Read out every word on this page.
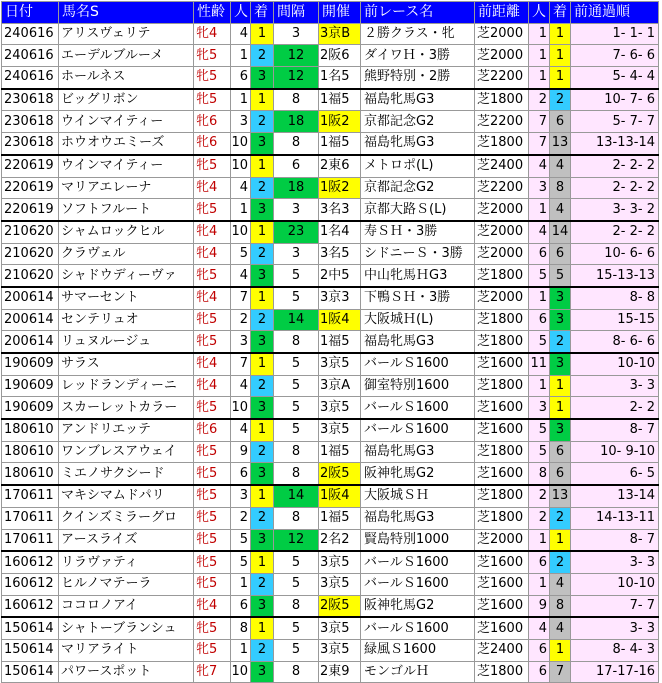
日付	馬名S	性齢	人	着	間隔	開催	前レース名	前距離	人	着	前通過順
240616	アリスヴェリテ	牝4	4	1	3	3京B	２勝クラス・牝	芝2000	1	1	1- 1- 1
240616	エーデルブルーメ	牝5	1	2	12	2阪6	ダイワＨ・3勝	芝2000	1	1	7- 6- 6
240616	ホールネス	牝5	6	3	12	1名5	熊野特別・2勝	芝2200	1	1	5- 4- 4
230618	ビッグリボン	牝5	1	1	8	1福5	福島牝馬G3	芝1800	2	2	10- 7- 6
230618	ウインマイティー	牝6	3	2	18	1阪2	京都記念G2	芝2200	7	6	5- 7- 7
230618	ホウオウエミーズ	牝6	10	3	8	1福5	福島牝馬G3	芝1800	7	13	13-13-14
220619	ウインマイティー	牝5	10	1	6	2東6	メトロポ(L)	芝2400	4	4	2- 2- 2
220619	マリアエレーナ	牝4	4	2	18	1阪2	京都記念G2	芝2200	3	8	2- 2- 2
220619	ソフトフルート	牝5	1	3	3	3名3	京都大路Ｓ(L)	芝2000	1	4	3- 3- 2
210620	シャムロックヒル	牝4	10	1	23	1名4	寿ＳＨ・3勝	芝2000	4	14	2- 2- 2
210620	クラヴェル	牝4	5	2	3	3名5	シドニーＳ・3勝	芝2000	6	6	10- 6- 6
210620	シャドウディーヴァ	牝5	4	3	5	2中5	中山牝馬ＨG3	芝1800	5	5	15-13-13
200614	サマーセント	牝4	7	1	5	3京3	下鴨ＳＨ・3勝	芝2000	1	3	8- 8
200614	センテリュオ	牝5	2	2	14	1阪4	大阪城Ｈ(L)	芝1800	6	3	15-15
200614	リュヌルージュ	牝5	3	3	8	1福5	福島牝馬G3	芝1800	5	2	8- 6- 6
190609	サラス	牝4	7	1	5	3京5	バールＳ1600	芝1600	11	3	10-10
190609	レッドランディーニ	牝4	4	2	5	3京A	御室特別1600	芝1800	1	1	3- 3
190609	スカーレットカラー	牝5	10	3	5	3京5	バールＳ1600	芝1600	3	1	2- 2
180610	アンドリエッテ	牝6	4	1	5	3京5	バールＳ1600	芝1600	5	3	8- 7
180610	ワンブレスアウェイ	牝5	9	2	8	1福5	福島牝馬G3	芝1800	5	6	10- 9-10
180610	ミエノサクシード	牝5	6	3	8	2阪5	阪神牝馬G2	芝1600	8	6	6- 5
170611	マキシマムドパリ	牝5	3	1	14	1阪4	大阪城ＳＨ	芝1800	2	13	13-14
170611	クインズミラーグロ	牝5	2	2	8	1福5	福島牝馬G3	芝1800	2	2	14-13-11
170611	アースライズ	牝5	5	3	12	2名2	賢島特別1000	芝2000	1	1	8- 7
160612	リラヴァティ	牝5	5	1	5	3京5	バールＳ1600	芝1600	6	2	3- 3
160612	ヒルノマテーラ	牝5	1	2	5	3京5	バールＳ1600	芝1600	1	4	10-10
160612	ココロノアイ	牝4	6	3	8	2阪5	阪神牝馬G2	芝1600	9	8	7- 7
150614	シャトーブランシュ	牝5	8	1	5	3京5	バールＳ1600	芝1600	4	4	3- 3
150614	マリアライト	牝5	1	2	5	3京5	緑風Ｓ1600	芝2400	6	1	8- 4- 3
150614	パワースポット	牝7	10	3	8	2東9	モンゴルＨ	芝1800	6	7	17-17-16
